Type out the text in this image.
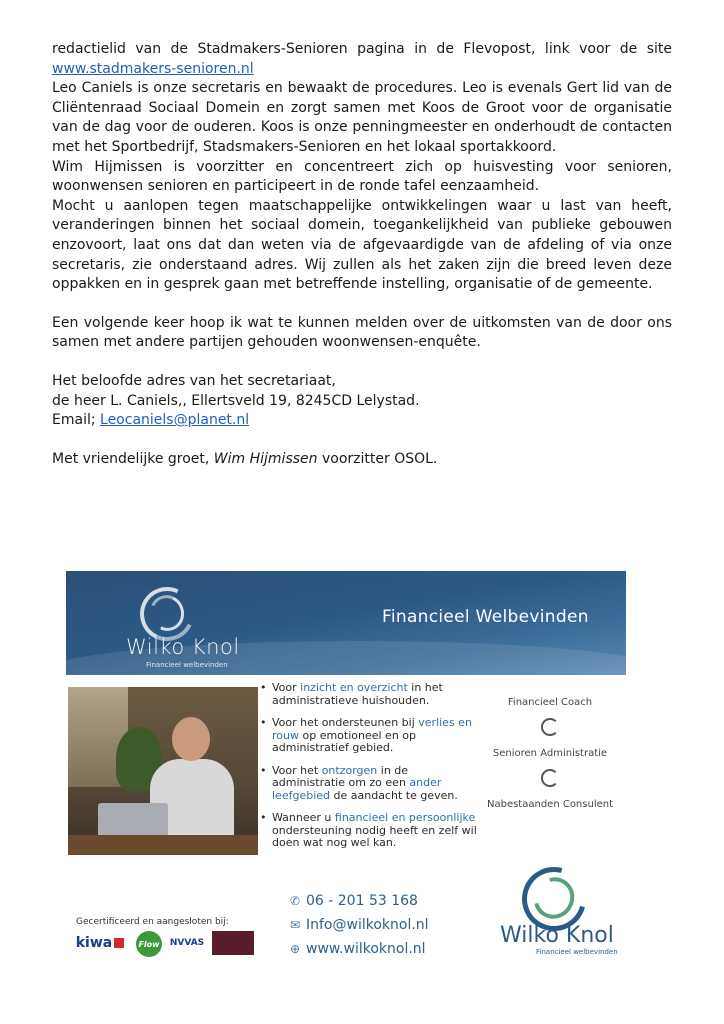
redactielid van de Stadmakers-Senioren pagina in de Flevopost, link voor de site www.stadmakers-senioren.nl

Leo Caniels is onze secretaris en bewaakt de procedures. Leo is evenals Gert lid van de Cliëntenraad Sociaal Domein en zorgt samen met Koos de Groot voor de organisatie van de dag voor de ouderen. Koos is onze penningmeester en onderhoudt de contacten met het Sportbedrijf, Stadsmakers-Senioren en het lokaal sportakkoord.

Wim Hijmissen is voorzitter en concentreert zich op huisvesting voor senioren, woonwensen senioren en participeert in de ronde tafel eenzaamheid.

Mocht u aanlopen tegen maatschappelijke ontwikkelingen waar u last van heeft, veranderingen binnen het sociaal domein, toegankelijkheid van publieke gebouwen enzovoort, laat ons dat dan weten via de afgevaardigde van de afdeling of via onze secretaris, zie onderstaand adres. Wij zullen als het zaken zijn die breed leven deze oppakken en in gesprek gaan met betreffende instelling, organisatie of de gemeente.

Een volgende keer hoop ik wat te kunnen melden over de uitkomsten van de door ons samen met andere partijen gehouden woonwensen-enquête.

Het beloofde adres van het secretariaat,

de heer L. Caniels,, Ellertsveld 19, 8245CD Lelystad.

Email; Leocaniels@planet.nl

Met vriendelijke groet, Wim Hijmissen voorzitter OSOL.

Wilko Knol
Financieel welbevinden
Financieel Welbevinden
• Voor inzicht en overzicht in het administratieve huishouden.
• Voor het ondersteunen bij verlies en rouw op emotioneel en op administratief gebied.
• Voor het ontzorgen in de administratie om zo een ander leefgebied de aandacht te geven.
• Wanneer u financieel en persoonlijke ondersteuning nodig heeft en zelf wil doen wat nog wel kan.
Financieel Coach
Senioren Administratie
Nabestaanden Consulent
✆ 06 - 201 53 168
✉ Info@wilkoknol.nl
⊕ www.wilkoknol.nl
Wilko Knol
Financieel welbevinden
Gecertificeerd en aangesloten bij:
kiwa	Flow NVVAS
